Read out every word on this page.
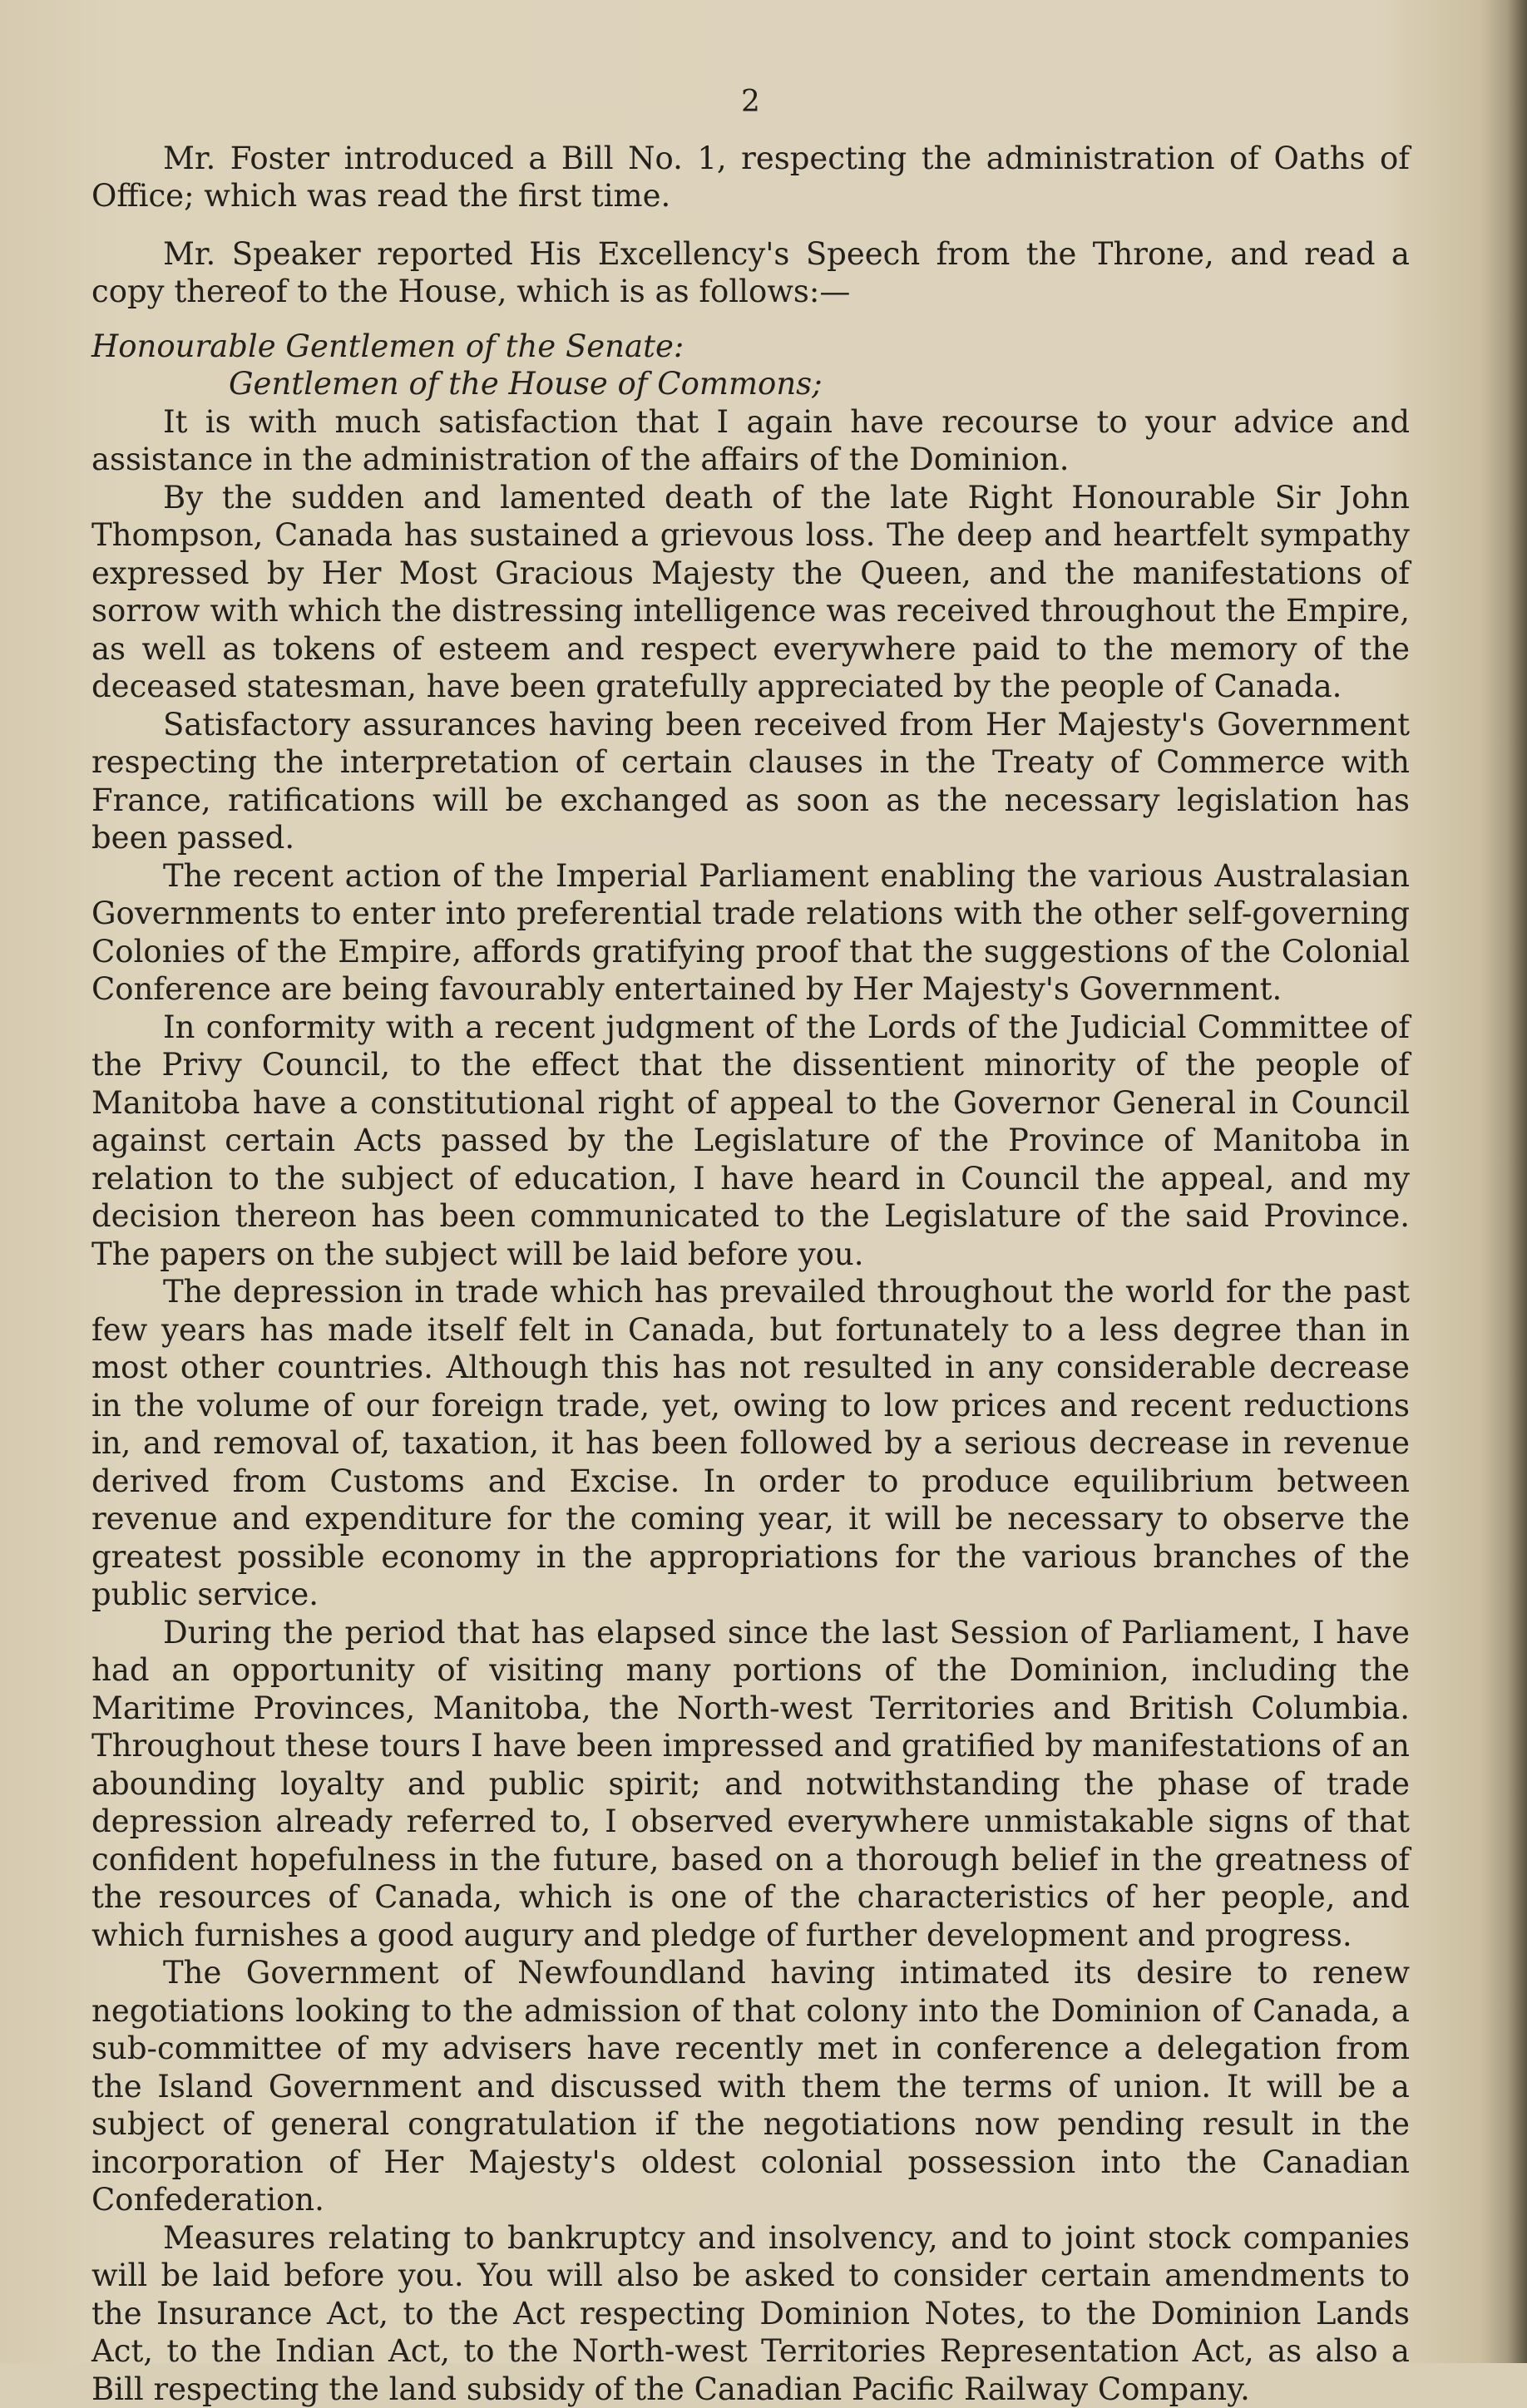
2

Mr. Foster introduced a Bill No. 1, respecting the administration of Oaths of Office; which was read the first time.

Mr. Speaker reported His Excellency's Speech from the Throne, and read a copy thereof to the House, which is as follows:—

Honourable Gentlemen of the Senate:
Gentlemen of the House of Commons;

It is with much satisfaction that I again have recourse to your advice and assistance in the administration of the affairs of the Dominion.

By the sudden and lamented death of the late Right Honourable Sir John Thompson, Canada has sustained a grievous loss. The deep and heartfelt sympathy expressed by Her Most Gracious Majesty the Queen, and the manifestations of sorrow with which the distressing intelligence was received throughout the Empire, as well as tokens of esteem and respect everywhere paid to the memory of the deceased statesman, have been gratefully appreciated by the people of Canada.

Satisfactory assurances having been received from Her Majesty's Government respecting the interpretation of certain clauses in the Treaty of Commerce with France, ratifications will be exchanged as soon as the necessary legislation has been passed.

The recent action of the Imperial Parliament enabling the various Australasian Governments to enter into preferential trade relations with the other self-governing Colonies of the Empire, affords gratifying proof that the suggestions of the Colonial Conference are being favourably entertained by Her Majesty's Government.

In conformity with a recent judgment of the Lords of the Judicial Committee of the Privy Council, to the effect that the dissentient minority of the people of Manitoba have a constitutional right of appeal to the Governor General in Council against certain Acts passed by the Legislature of the Province of Manitoba in relation to the subject of education, I have heard in Council the appeal, and my decision thereon has been communicated to the Legislature of the said Province. The papers on the subject will be laid before you.

The depression in trade which has prevailed throughout the world for the past few years has made itself felt in Canada, but fortunately to a less degree than in most other countries. Although this has not resulted in any considerable decrease in the volume of our foreign trade, yet, owing to low prices and recent reductions in, and removal of, taxation, it has been followed by a serious decrease in revenue derived from Customs and Excise. In order to produce equilibrium between revenue and expenditure for the coming year, it will be necessary to observe the greatest possible economy in the appropriations for the various branches of the public service.

During the period that has elapsed since the last Session of Parliament, I have had an opportunity of visiting many portions of the Dominion, including the Maritime Provinces, Manitoba, the North-west Territories and British Columbia. Throughout these tours I have been impressed and gratified by manifestations of an abounding loyalty and public spirit; and notwithstanding the phase of trade depression already referred to, I observed everywhere unmistakable signs of that confident hopefulness in the future, based on a thorough belief in the greatness of the resources of Canada, which is one of the characteristics of her people, and which furnishes a good augury and pledge of further development and progress.

The Government of Newfoundland having intimated its desire to renew negotiations looking to the admission of that colony into the Dominion of Canada, a sub-committee of my advisers have recently met in conference a delegation from the Island Government and discussed with them the terms of union. It will be a subject of general congratulation if the negotiations now pending result in the incorporation of Her Majesty's oldest colonial possession into the Canadian Confederation.

Measures relating to bankruptcy and insolvency, and to joint stock companies will be laid before you. You will also be asked to consider certain amendments to the Insurance Act, to the Act respecting Dominion Notes, to the Dominion Lands Act, to the Indian Act, to the North-west Territories Representation Act, as also a Bill respecting the land subsidy of the Canadian Pacific Railway Company.
